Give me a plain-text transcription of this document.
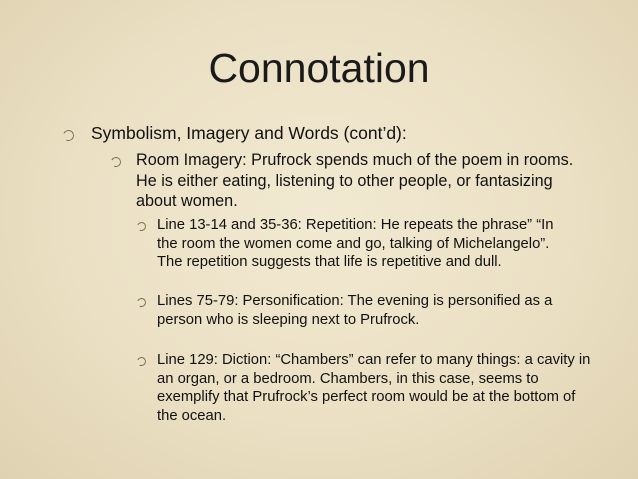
Connotation
Symbolism, Imagery and Words (cont’d):
Room Imagery: Prufrock spends much of the poem in rooms. He is either eating, listening to other people, or fantasizing about women.
Line 13-14 and 35-36: Repetition: He repeats the phrase” “In the room the women come and go, talking of Michelangelo”. The repetition suggests that life is repetitive and dull.
Lines 75-79: Personification: The evening is personified as a person who is sleeping next to Prufrock.
Line 129: Diction: “Chambers” can refer to many things: a cavity in an organ, or a bedroom. Chambers, in this case, seems to exemplify that Prufrock’s perfect room would be at the bottom of the ocean.
